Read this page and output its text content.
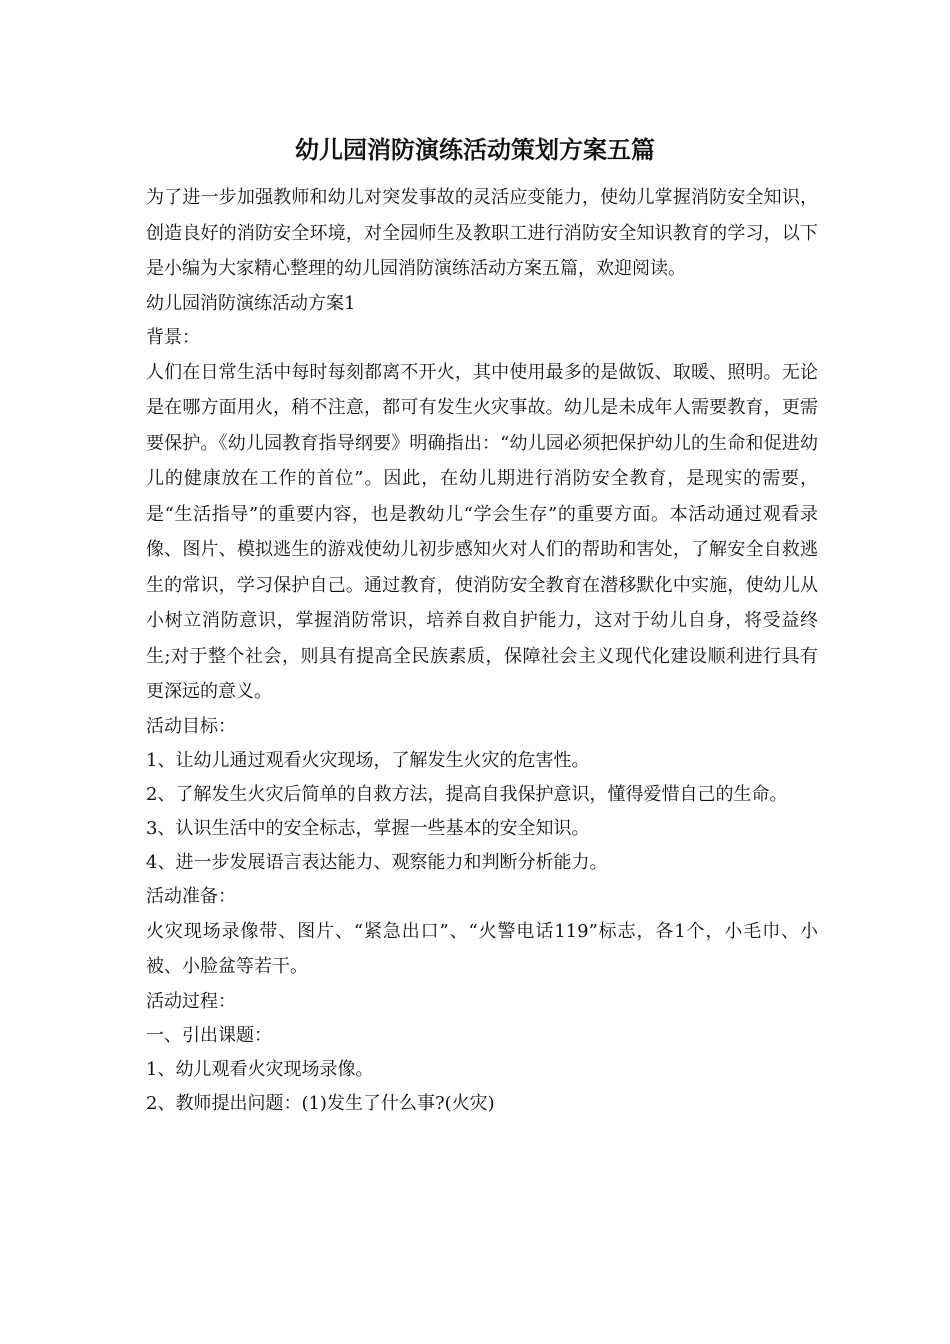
幼儿园消防演练活动策划方案五篇

为了进一步加强教师和幼儿对突发事故的灵活应变能力，使幼儿掌握消防安全知识，创造良好的消防安全环境，对全园师生及教职工进行消防安全知识教育的学习，以下是小编为大家精心整理的幼儿园消防演练活动方案五篇，欢迎阅读。

幼儿园消防演练活动方案1

背景：

人们在日常生活中每时每刻都离不开火，其中使用最多的是做饭、取暖、照明。无论是在哪方面用火，稍不注意，都可有发生火灾事故。幼儿是未成年人需要教育，更需要保护。《幼儿园教育指导纲要》明确指出：“幼儿园必须把保护幼儿的生命和促进幼儿的健康放在工作的首位”。因此，在幼儿期进行消防安全教育，是现实的需要，是“生活指导”的重要内容，也是教幼儿“学会生存”的重要方面。本活动通过观看录像、图片、模拟逃生的游戏使幼儿初步感知火对人们的帮助和害处，了解安全自救逃生的常识，学习保护自己。通过教育，使消防安全教育在潜移默化中实施，使幼儿从小树立消防意识，掌握消防常识，培养自救自护能力，这对于幼儿自身，将受益终生;对于整个社会，则具有提高全民族素质，保障社会主义现代化建设顺利进行具有更深远的意义。

活动目标：

1、让幼儿通过观看火灾现场，了解发生火灾的危害性。

2、了解发生火灾后简单的自救方法，提高自我保护意识，懂得爱惜自己的生命。

3、认识生活中的安全标志，掌握一些基本的安全知识。

4、进一步发展语言表达能力、观察能力和判断分析能力。

活动准备：

火灾现场录像带、图片、“紧急出口”、“火警电话119”标志，各1个，小毛巾、小被、小脸盆等若干。

活动过程：

一、引出课题：

1、幼儿观看火灾现场录像。

2、教师提出问题：(1)发生了什么事?(火灾)
